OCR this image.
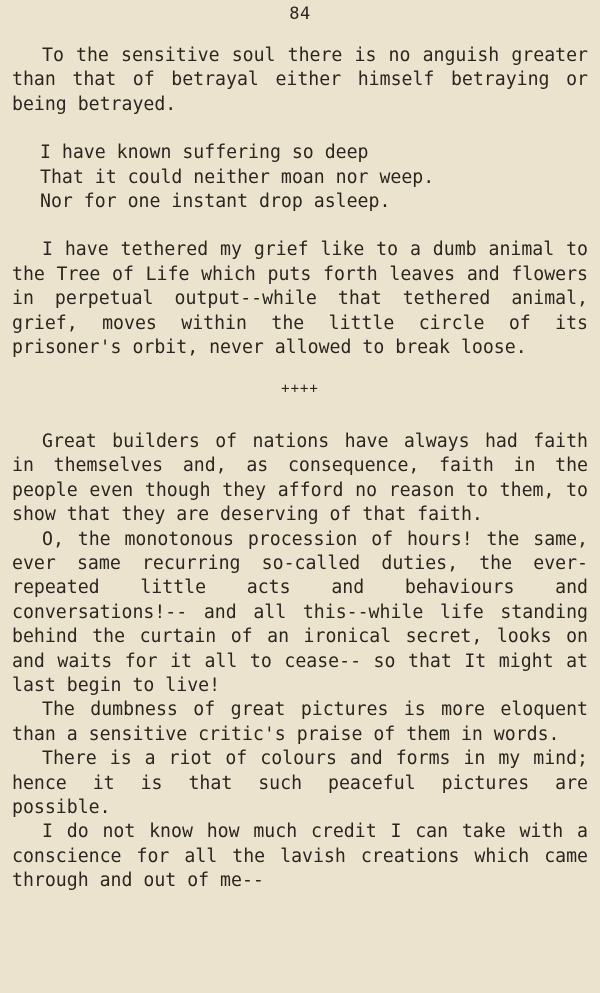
84

To the sensitive soul there is no anguish greater than that of betrayal either himself betraying or being betrayed.

I have known suffering so deep
That it could neither moan nor weep.
Nor for one instant drop asleep.

I have tethered my grief like to a dumb animal to the Tree of Life which puts forth leaves and flowers in perpetual output--while that tethered animal, grief, moves within the little circle of its prisoner's orbit, never allowed to break loose.

++++

Great builders of nations have always had faith in themselves and, as consequence, faith in the people even though they afford no reason to them, to show that they are deserving of that faith.

O, the monotonous procession of hours! the same, ever same recurring so-called duties, the ever-repeated little acts and behaviours and conversations!-- and all this--while life standing behind the curtain of an ironical secret, looks on and waits for it all to cease-- so that It might at last begin to live!

The dumbness of great pictures is more eloquent than a sensitive critic's praise of them in words.

There is a riot of colours and forms in my mind; hence it is that such peaceful pictures are possible.

I do not know how much credit I can take with a conscience for all the lavish creations which came through and out of me--
